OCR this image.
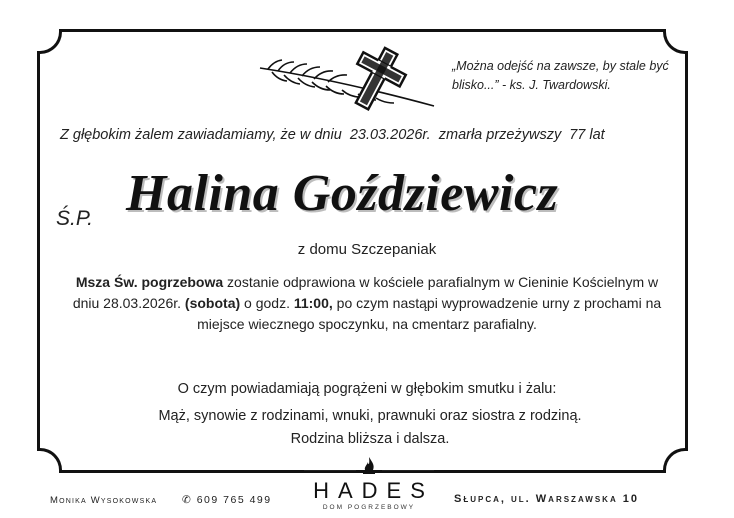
„Można odejść na zawsze, by stale być blisko...” - ks. J. Twardowski.
Z głębokim żalem zawiadamiamy, że w dniu 23.03.2026r. zmarła przeżywszy 77 lat
Ś.P. Halina Goździewicz
z domu Szczepaniak
Msza Św. pogrzebowa zostanie odprawiona w kościele parafialnym w Cieninie Kościelnym w dniu 28.03.2026r. (sobota) o godz. 11:00, po czym nastąpi wyprowadzenie urny z prochami na miejsce wiecznego spoczynku, na cmentarz parafialny.
O czym powiadamiają pogrążeni w głębokim smutku i żalu:
Mąż, synowie z rodzinami, wnuki, prawnuki oraz siostra z rodziną.
Rodzina bliższa i dalsza.
Monika Wysokowska ✆ 609 765 499	HADES
DOM POGRZEBOWY
Słupca, ul. Warszawska 10
